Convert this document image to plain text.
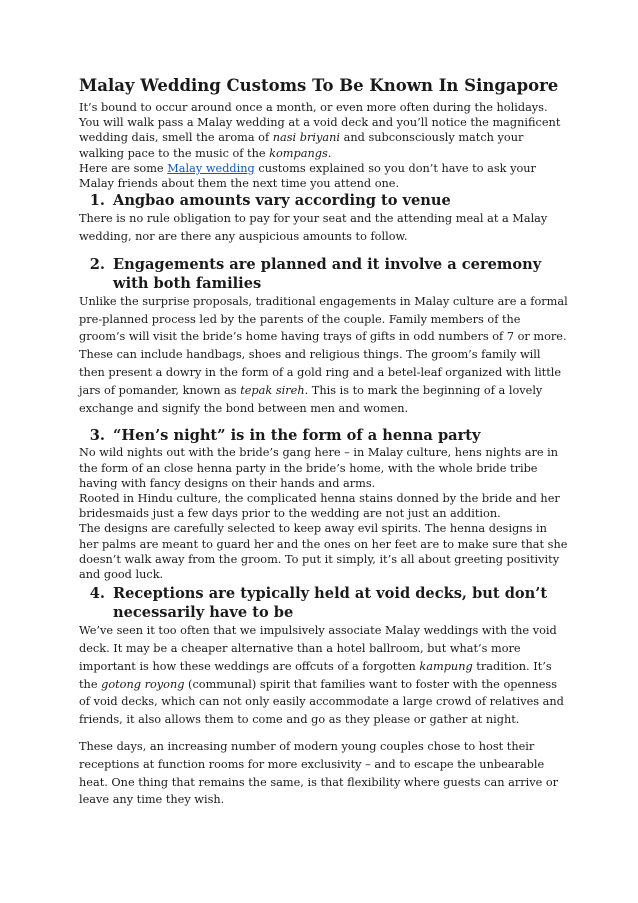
Malay Wedding Customs To Be Known In Singapore

It’s bound to occur around once a month, or even more often during the holidays. You will walk pass a Malay wedding at a void deck and you’ll notice the magnificent wedding dais, smell the aroma of nasi briyani and subconsciously match your walking pace to the music of the kompangs.

Here are some Malay wedding customs explained so you don’t have to ask your Malay friends about them the next time you attend one.

1. Angbao amounts vary according to venue

There is no rule obligation to pay for your seat and the attending meal at a Malay wedding, nor are there any auspicious amounts to follow.

2. Engagements are planned and it involve a ceremony with both families

Unlike the surprise proposals, traditional engagements in Malay culture are a formal pre-planned process led by the parents of the couple. Family members of the groom’s will visit the bride’s home having trays of gifts in odd numbers of 7 or more. These can include handbags, shoes and religious things. The groom’s family will then present a dowry in the form of a gold ring and a betel-leaf organized with little jars of pomander, known as tepak sireh. This is to mark the beginning of a lovely exchange and signify the bond between men and women.

3. “Hen’s night” is in the form of a henna party

No wild nights out with the bride’s gang here – in Malay culture, hens nights are in the form of an close henna party in the bride’s home, with the whole bride tribe having with fancy designs on their hands and arms.

Rooted in Hindu culture, the complicated henna stains donned by the bride and her bridesmaids just a few days prior to the wedding are not just an addition.

The designs are carefully selected to keep away evil spirits. The henna designs in her palms are meant to guard her and the ones on her feet are to make sure that she doesn’t walk away from the groom. To put it simply, it’s all about greeting positivity and good luck.

4. Receptions are typically held at void decks, but don’t necessarily have to be

We’ve seen it too often that we impulsively associate Malay weddings with the void deck. It may be a cheaper alternative than a hotel ballroom, but what’s more important is how these weddings are offcuts of a forgotten kampung tradition. It’s the gotong royong (communal) spirit that families want to foster with the openness of void decks, which can not only easily accommodate a large crowd of relatives and friends, it also allows them to come and go as they please or gather at night.

These days, an increasing number of modern young couples chose to host their receptions at function rooms for more exclusivity – and to escape the unbearable heat. One thing that remains the same, is that flexibility where guests can arrive or leave any time they wish.
